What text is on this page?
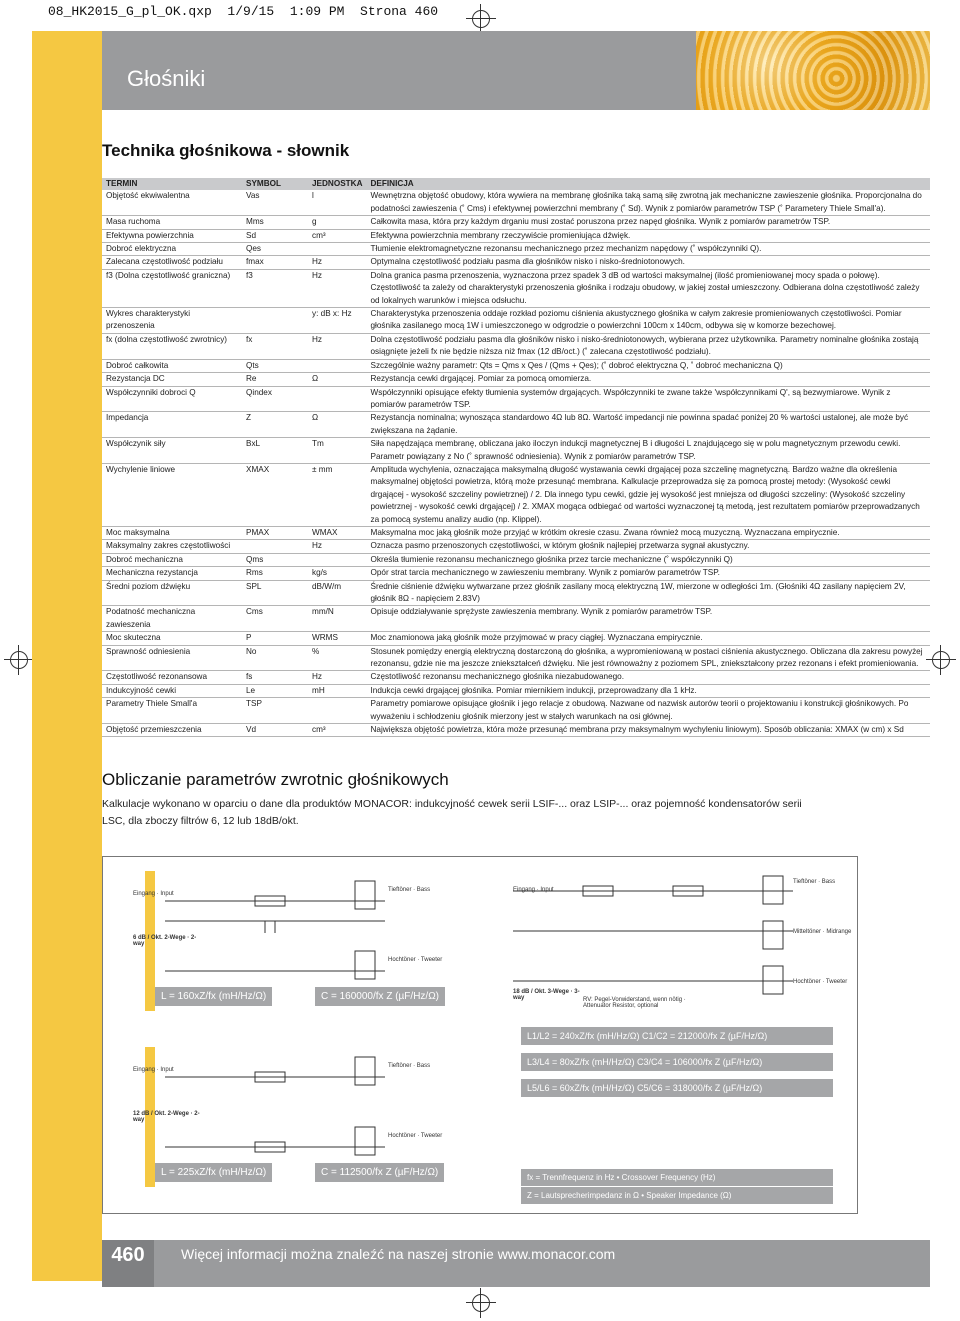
08_HK2015_G_pl_OK.qxp  1/9/15  1:09 PM  Strona 460
Głośniki
Technika głośnikowa - słownik
TERMIN	SYMBOL	JEDNOSTKA	DEFINICJA
Objętość ekwiwalentna	Vas	l	Wewnętrzna objętość obudowy, która wywiera na membranę głośnika taką samą siłę zwrotną jak mechaniczne zawieszenie głośnika. Proporcjonalna do podatności zawieszenia (˚ Cms) i efektywnej powierzchni membrany (˚ Sd). Wynik z pomiarów parametrów TSP (˚ Parametery Thiele Small'a).
Masa ruchoma	Mms	g	Całkowita masa, która przy każdym drganiu musi zostać poruszona przez napęd głośnika. Wynik z pomiarów parametrów TSP.
Efektywna powierzchnia	Sd	cm³	Efektywna powierzchnia membrany rzeczywiście promieniująca dźwięk.
Dobroć elektryczna	Qes		Tłumienie elektromagnetyczne rezonansu mechanicznego przez mechanizm napędowy (˚ współczynniki Q).
Zalecana częstotliwość podziału	fmax	Hz	Optymalna częstotliwość podziału pasma dla głośników nisko i nisko-średniotonowych.
f3 (Dolna częstotliwość graniczna)	f3	Hz	Dolna granica pasma przenoszenia, wyznaczona przez spadek 3 dB od wartości maksymalnej (ilość promieniowanej mocy spada o połowę). Częstotliwość ta zależy od charakterystyki przenoszenia głośnika i rodzaju obudowy, w jakiej został umieszczony. Odbierana dolna częstotliwość zależy od lokalnych warunków i miejsca odsłuchu.
Wykres charakterystyki przenoszenia		y: dB x: Hz	Charakterystyka przenoszenia oddaje rozkład poziomu ciśnienia akustycznego głośnika w całym zakresie promieniowanych częstotliwości. Pomiar głośnika zasilanego mocą 1W i umieszczonego w odgrodzie o powierzchni 100cm x 140cm, odbywa się w komorze bezechowej.
fx (dolna częstotliwość zwrotnicy)	fx	Hz	Dolna częstotliwość podziału pasma dla głośników nisko i nisko-średniotonowych, wybierana przez użytkownika. Parametry nominalne głośnika zostają osiągnięte jeżeli fx nie będzie niższa niż fmax (12 dB/oct.) (˚ zalecana częstotliwość podziału).
Dobroć całkowita	Qts		Szczególnie ważny parametr: Qts = Qms x Qes / (Qms + Qes); (˚ dobroć elektryczna Q, ˚ dobroć mechaniczna Q)
Rezystancja DC	Re	Ω	Rezystancja cewki drgającej. Pomiar za pomocą omomierza.
Współczynniki dobroci Q	Qindex		Współczynniki opisujące efekty tłumienia systemów drgających. Współczynniki te zwane także 'współczynnikami Q', są bezwymiarowe. Wynik z pomiarów parametrów TSP.
Impedancja	Z	Ω	Rezystancja nominalna; wynosząca standardowo 4Ω lub 8Ω. Wartość impedancji nie powinna spadać poniżej 20 % wartości ustalonej, ale może być zwiększana na żądanie.
Współczynik siły	BxL	Tm	Siła napędzająca membranę, obliczana jako iloczyn indukcji magnetycznej B i długości L znajdującego się w polu magnetycznym przewodu cewki. Parametr powiązany z No (˚ sprawność odniesienia). Wynik z pomiarów parametrów TSP.
Wychylenie liniowe	XMAX	± mm	Amplituda wychylenia, oznaczająca maksymalną długość wystawania cewki drgającej poza szczelinę magnetyczną. Bardzo ważne dla określenia maksymalnej objętości powietrza, którą może przesunąć membrana. Kalkulacje przeprowadza się za pomocą prostej metody: (Wysokość cewki drgającej - wysokość szczeliny powietrznej) / 2. Dla innego typu cewki, gdzie jej wysokość jest mniejsza od długości szczeliny: (Wysokość szczeliny powietrznej - wysokość cewki drgającej) / 2. XMAX mogąca odbiegać od wartości wyznaczonej tą metodą, jest rezultatem pomiarów przeprowadzanych za pomocą systemu analizy audio (np. Klippel).
Moc maksymalna	PMAX	WMAX	Maksymalna moc jaką głośnik może przyjąć w krótkim okresie czasu. Zwana również mocą muzyczną. Wyznaczana empirycznie.
Maksymalny zakres częstotliwości		Hz	Oznacza pasmo przenoszonych częstotliwości, w którym głośnik najlepiej przetwarza sygnał akustyczny.
Dobroć mechaniczna	Qms		Określa tłumienie rezonansu mechanicznego głośnika przez tarcie mechaniczne (˚ współczynniki Q)
Mechaniczna rezystancja	Rms	kg/s	Opór strat tarcia mechanicznego w zawieszeniu membrany. Wynik z pomiarów parametrów TSP.
Średni poziom dźwięku	SPL	dB/W/m	Średnie ciśnienie dźwięku wytwarzane przez głośnik zasilany mocą elektryczną 1W, mierzone w odległości 1m. (Głośniki 4Ω zasilany napięciem 2V, głośnik 8Ω - napięciem 2.83V)
Podatność mechaniczna zawieszenia	Cms	mm/N	Opisuje oddziaływanie sprężyste zawieszenia membrany. Wynik z pomiarów parametrów TSP.
Moc skuteczna	P	WRMS	Moc znamionowa jaką głośnik może przyjmować w pracy ciągłej. Wyznaczana empirycznie.
Sprawność odniesienia	No	%	Stosunek pomiędzy energią elektryczną dostarczoną do głośnika, a wypromieniowaną w postaci ciśnienia akustycznego. Obliczana dla zakresu powyżej rezonansu, gdzie nie ma jeszcze zniekształceń dźwięku. Nie jest równoważny z poziomem SPL, zniekształcony przez rezonans i efekt promieniowania.
Częstotliwość rezonansowa	fs	Hz	Częstotliwość rezonansu mechanicznego głośnika niezabudowanego.
Indukcyjność cewki	Le	mH	Indukcja cewki drgającej głośnika. Pomiar miernikiem indukcji, przeprowadzany dla 1 kHz.
Parametry Thiele Small'a	TSP		Parametry pomiarowe opisujące głośnik i jego relacje z obudową. Nazwane od nazwisk autorów teorii o projektowaniu i konstrukcji głośnikowych. Po wyważeniu i schłodzeniu głośnik mierzony jest w stałych warunkach na osi głównej.
Objętość przemieszczenia	Vd	cm³	Największa objętość powietrza, która może przesunąć membrana przy maksymalnym wychyleniu liniowym). Sposób obliczania: XMAX (w cm) x Sd
Obliczanie parametrów zwrotnic głośnikowych
Kalkulacje wykonano w oparciu o dane dla produktów MONACOR: indukcyjność cewek serii LSIF-... oraz LSIP-... oraz pojemność kondensatorów serii LSC, dla zboczy filtrów 6, 12 lub 18dB/okt.
Eingang · Input
Tieftöner · Bass
Hochtöner · Tweeter
6 dB / Okt. 2-Wege · 2-way
L = 160xZ/fx (mH/Hz/Ω)	C = 160000/fx Z (µF/Hz/Ω)
Eingang · Input
Tieftöner · Bass
Mitteltöner · Midrange
Hochtöner · Tweeter
18 dB / Okt. 3-Wege · 3-way	RV: Pegel-Vorwiderstand, wenn nötig · Attenuator Resistor, optional
L1/L2 = 240xZ/fx (mH/Hz/Ω) C1/C2 = 212000/fx Z (µF/Hz/Ω)
L3/L4 = 80xZ/fx (mH/Hz/Ω) C3/C4 = 106000/fx Z (µF/Hz/Ω)
L5/L6 = 60xZ/fx (mH/Hz/Ω) C5/C6 = 318000/fx Z (µF/Hz/Ω)
Eingang · Input
Tieftöner · Bass
Hochtöner · Tweeter
12 dB / Okt. 2-Wege · 2-way
L = 225xZ/fx (mH/Hz/Ω)	C = 112500/fx Z (µF/Hz/Ω)	fx = Trennfrequenz in Hz • Crossover Frequency (Hz)
Z = Lautsprecherimpedanz in Ω • Speaker Impedance (Ω)
460	Więcej informacji można znaleźć na naszej stronie www.monacor.com
